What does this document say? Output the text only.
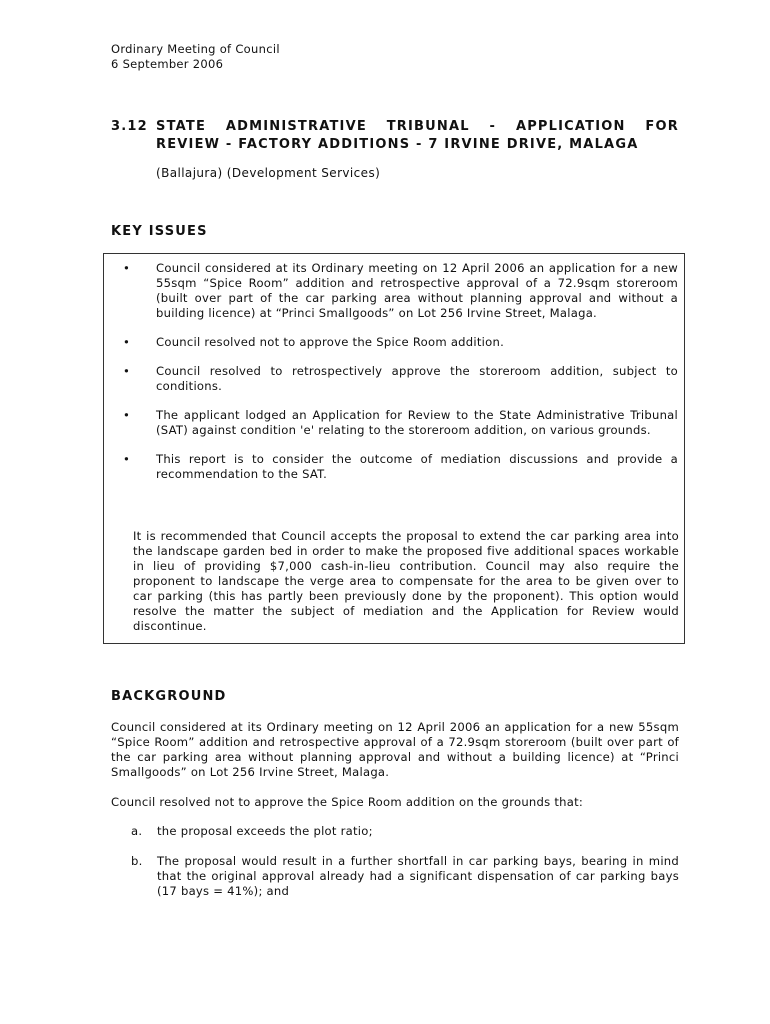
Ordinary Meeting of Council
6 September 2006
3.12 STATE ADMINISTRATIVE TRIBUNAL - APPLICATION FOR
REVIEW - FACTORY ADDITIONS - 7 IRVINE DRIVE, MALAGA
(Ballajura) (Development Services)
KEY ISSUES
• Council considered at its Ordinary meeting on 12 April 2006 an application for a new 55sqm “Spice Room” addition and retrospective approval of a 72.9sqm storeroom (built over part of the car parking area without planning approval and without a building licence) at “Princi Smallgoods” on Lot 256 Irvine Street, Malaga.
• Council resolved not to approve the Spice Room addition.
• Council resolved to retrospectively approve the storeroom addition, subject to conditions.
• The applicant lodged an Application for Review to the State Administrative Tribunal (SAT) against condition 'e' relating to the storeroom addition, on various grounds.
• This report is to consider the outcome of mediation discussions and provide a recommendation to the SAT.
It is recommended that Council accepts the proposal to extend the car parking area into the landscape garden bed in order to make the proposed five additional spaces workable in lieu of providing $7,000 cash-in-lieu contribution. Council may also require the proponent to landscape the verge area to compensate for the area to be given over to car parking (this has partly been previously done by the proponent). This option would resolve the matter the subject of mediation and the Application for Review would discontinue.
BACKGROUND
Council considered at its Ordinary meeting on 12 April 2006 an application for a new 55sqm “Spice Room” addition and retrospective approval of a 72.9sqm storeroom (built over part of the car parking area without planning approval and without a building licence) at “Princi Smallgoods” on Lot 256 Irvine Street, Malaga.
Council resolved not to approve the Spice Room addition on the grounds that:
a. the proposal exceeds the plot ratio;
b. The proposal would result in a further shortfall in car parking bays, bearing in mind that the original approval already had a significant dispensation of car parking bays (17 bays = 41%); and
